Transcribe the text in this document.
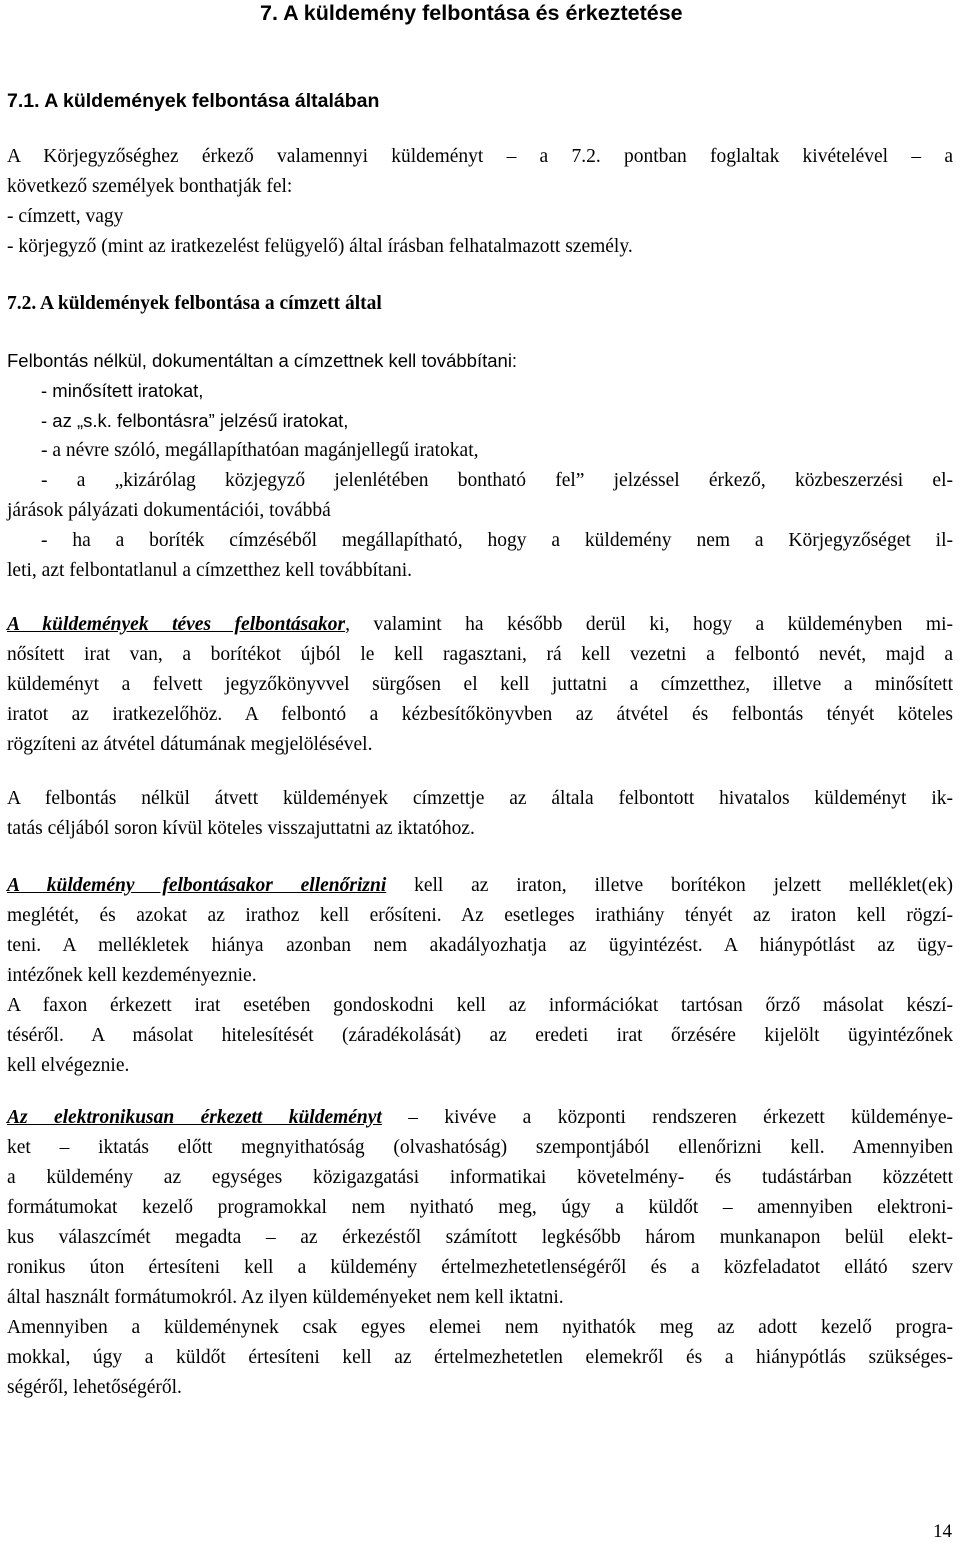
7. A küldemény felbontása és érkeztetése
7.1. A küldemények felbontása általában
A Körjegyzőséghez érkező valamennyi küldeményt – a 7.2. pontban foglaltak kivételével – a
következő személyek bonthatják fel:
- címzett, vagy
- körjegyző (mint az iratkezelést felügyelő) által írásban felhatalmazott személy.
7.2. A küldemények felbontása a címzett által
Felbontás nélkül, dokumentáltan a címzettnek kell továbbítani:
- minősített iratokat,
- az „s.k. felbontásra” jelzésű iratokat,
- a névre szóló, megállapíthatóan magánjellegű iratokat,
- a „kizárólag közjegyző jelenlétében bontható fel” jelzéssel érkező, közbeszerzési el-
járások pályázati dokumentációi, továbbá
- ha a boríték címzéséből megállapítható, hogy a küldemény nem a Körjegyzőséget il-
leti, azt felbontatlanul a címzetthez kell továbbítani.
A küldemények téves felbontásakor, valamint ha később derül ki, hogy a küldeményben mi-
nősített irat van, a borítékot újból le kell ragasztani, rá kell vezetni a felbontó nevét, majd a
küldeményt a felvett jegyzőkönyvvel sürgősen el kell juttatni a címzetthez, illetve a minősített
iratot az iratkezelőhöz. A felbontó a kézbesítőkönyvben az átvétel és felbontás tényét köteles
rögzíteni az átvétel dátumának megjelölésével.
A felbontás nélkül átvett küldemények címzettje az általa felbontott hivatalos küldeményt ik-
tatás céljából soron kívül köteles visszajuttatni az iktatóhoz.
A küldemény felbontásakor ellenőrizni kell az iraton, illetve borítékon jelzett melléklet(ek)
meglétét, és azokat az irathoz kell erősíteni. Az esetleges irathiány tényét az iraton kell rögzí-
teni. A mellékletek hiánya azonban nem akadályozhatja az ügyintézést. A hiánypótlást az ügy-
intézőnek kell kezdeményeznie.
A faxon érkezett irat esetében gondoskodni kell az információkat tartósan őrző másolat készí-
téséről. A másolat hitelesítését (záradékolását) az eredeti irat őrzésére kijelölt ügyintézőnek
kell elvégeznie.
Az elektronikusan érkezett küldeményt – kivéve a központi rendszeren érkezett küldeménye-
ket – iktatás előtt megnyithatóság (olvashatóság) szempontjából ellenőrizni kell. Amennyiben
a küldemény az egységes közigazgatási informatikai követelmény- és tudástárban közzétett
formátumokat kezelő programokkal nem nyitható meg, úgy a küldőt – amennyiben elektroni-
kus válaszcímét megadta – az érkezéstől számított legkésőbb három munkanapon belül elekt-
ronikus úton értesíteni kell a küldemény értelmezhetetlenségéről és a közfeladatot ellátó szerv
által használt formátumokról. Az ilyen küldeményeket nem kell iktatni.
Amennyiben a küldeménynek csak egyes elemei nem nyithatók meg az adott kezelő progra-
mokkal, úgy a küldőt értesíteni kell az értelmezhetetlen elemekről és a hiánypótlás szükséges-
ségéről, lehetőségéről.
14
